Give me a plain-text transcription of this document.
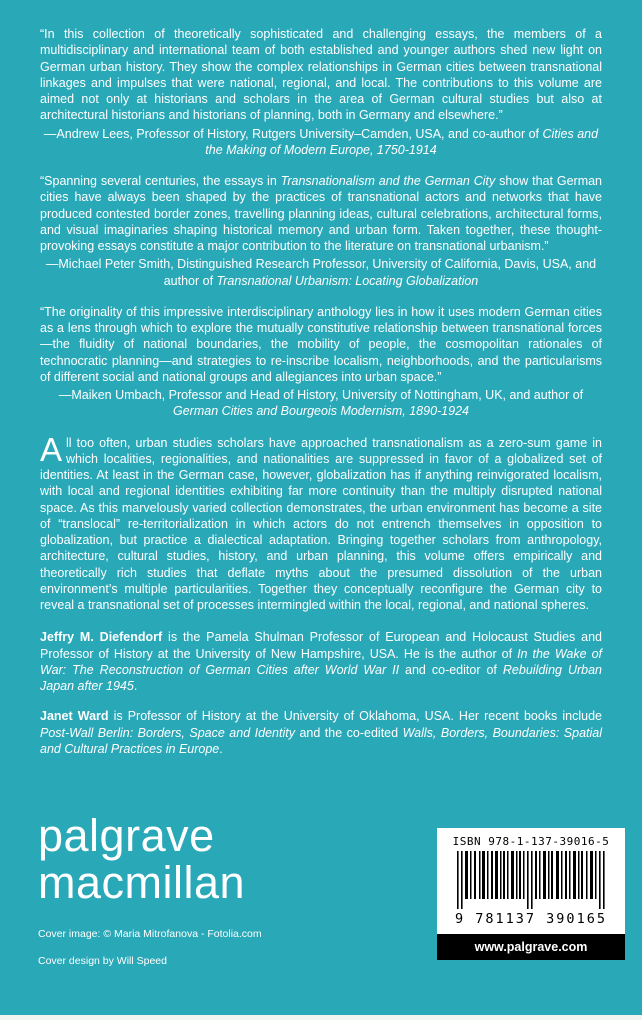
“In this collection of theoretically sophisticated and challenging essays, the members of a multidisciplinary and international team of both established and younger authors shed new light on German urban history. They show the complex relationships in German cities between transnational linkages and impulses that were national, regional, and local. The contributions to this volume are aimed not only at historians and scholars in the area of German cultural studies but also at architectural historians and historians of planning, both in Germany and elsewhere.”

—Andrew Lees, Professor of History, Rutgers University–Camden, USA, and co-author of Cities and the Making of Modern Europe, 1750-1914

“Spanning several centuries, the essays in Transnationalism and the German City show that German cities have always been shaped by the practices of transnational actors and networks that have produced contested border zones, travelling planning ideas, cultural celebrations, architectural forms, and visual imaginaries shaping historical memory and urban form. Taken together, these thought-provoking essays constitute a major contribution to the literature on transnational urbanism.”

—Michael Peter Smith, Distinguished Research Professor, University of California, Davis, USA, and author of Transnational Urbanism: Locating Globalization

“The originality of this impressive interdisciplinary anthology lies in how it uses modern German cities as a lens through which to explore the mutually constitutive relationship between transnational forces—the fluidity of national boundaries, the mobility of people, the cosmopolitan rationales of technocratic planning—and strategies to re-inscribe localism, neighborhoods, and the particularisms of different social and national groups and allegiances into urban space.”

—Maiken Umbach, Professor and Head of History, University of Nottingham, UK, and author of German Cities and Bourgeois Modernism, 1890-1924

All too often, urban studies scholars have approached transnationalism as a zero-sum game in which localities, regionalities, and nationalities are suppressed in favor of a globalized set of identities. At least in the German case, however, globalization has if anything reinvigorated localism, with local and regional identities exhibiting far more continuity than the multiply disrupted national space. As this marvelously varied collection demonstrates, the urban environment has become a site of “translocal” re-territorialization in which actors do not entrench themselves in opposition to globalization, but practice a dialectical adaptation. Bringing together scholars from anthropology, architecture, cultural studies, history, and urban planning, this volume offers empirically and theoretically rich studies that deflate myths about the presumed dissolution of the urban environment’s multiple particularities. Together they conceptually reconfigure the German city to reveal a transnational set of processes intermingled within the local, regional, and national spheres.

Jeffry M. Diefendorf is the Pamela Shulman Professor of European and Holocaust Studies and Professor of History at the University of New Hampshire, USA. He is the author of In the Wake of War: The Reconstruction of German Cities after World War II and co-editor of Rebuilding Urban Japan after 1945.

Janet Ward is Professor of History at the University of Oklahoma, USA. Her recent books include Post-Wall Berlin: Borders, Space and Identity and the co-edited Walls, Borders, Boundaries: Spatial and Cultural Practices in Europe.

palgrave
macmillan
ISBN 978-1-137-39016-5
9 781137 390165
www.palgrave.com

Cover image: © Maria Mitrofanova - Fotolia.com

Cover design by Will Speed
